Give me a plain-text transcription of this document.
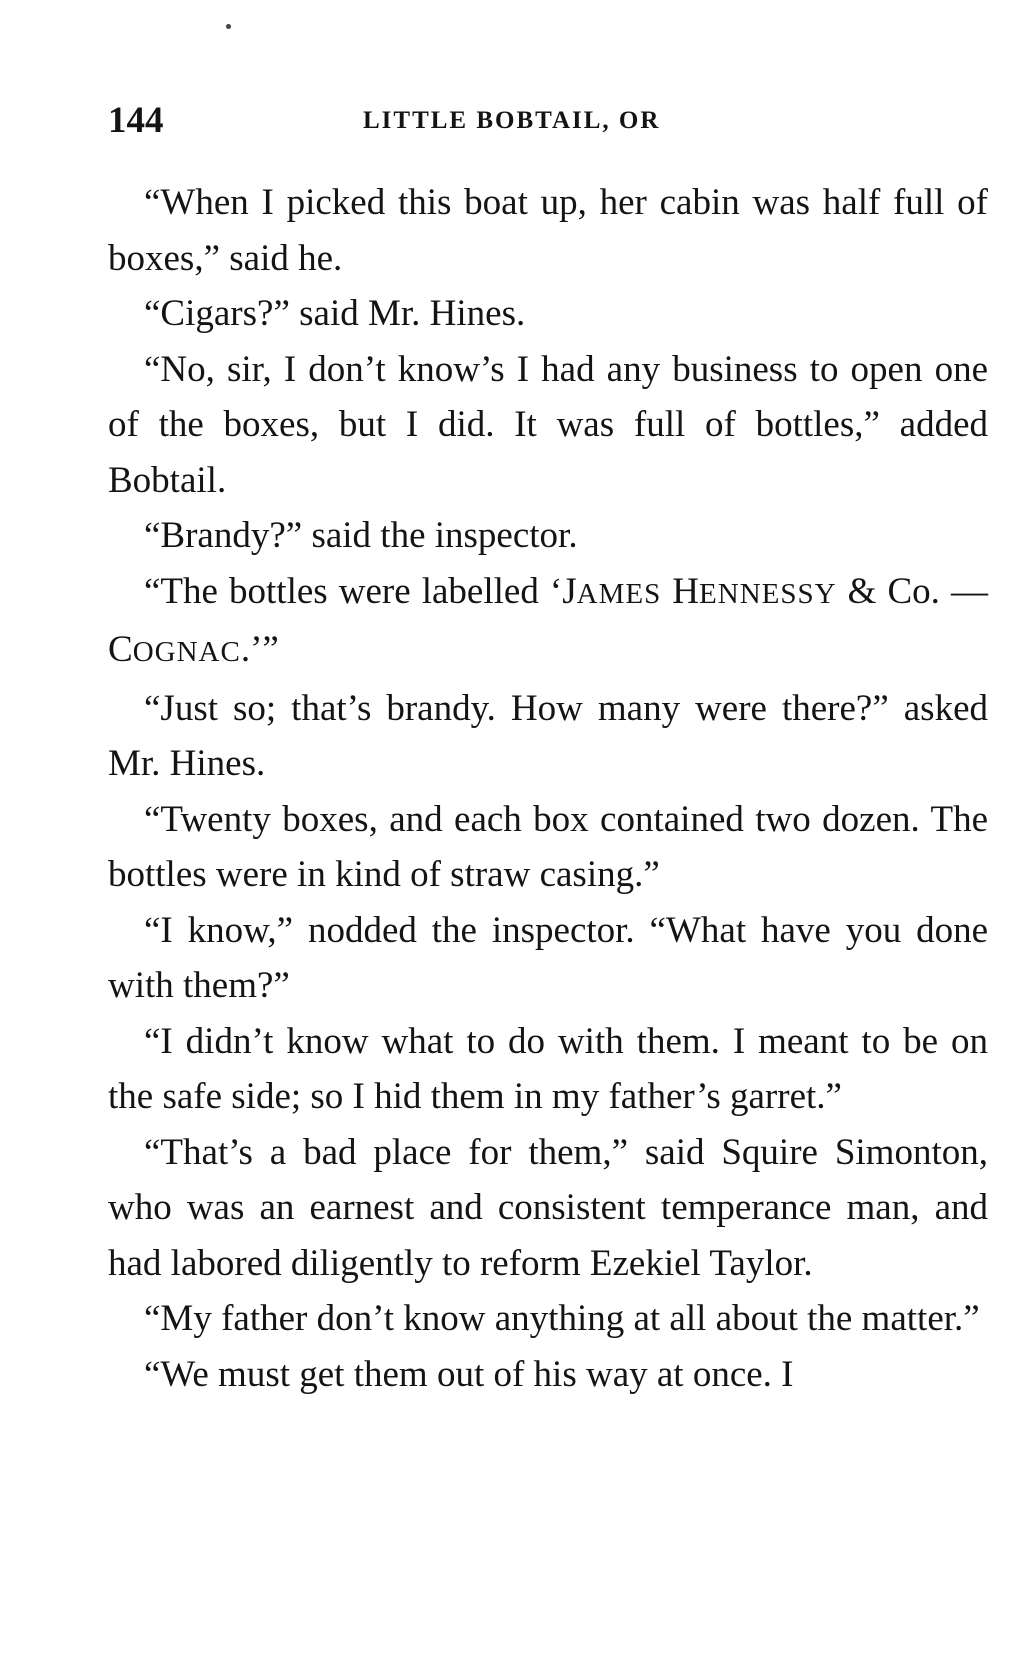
144	LITTLE BOBTAIL, OR

“When I picked this boat up, her cabin was half full of boxes,” said he.

“Cigars?” said Mr. Hines.

“No, sir, I don’t know’s I had any business to open one of the boxes, but I did. It was full of bottles,” added Bobtail.

“Brandy?” said the inspector.

“The bottles were labelled ‘JAMES HENNESSY & Co. — COGNAC.’”

“Just so; that’s brandy. How many were there?” asked Mr. Hines.

“Twenty boxes, and each box contained two dozen. The bottles were in kind of straw casing.”

“I know,” nodded the inspector. “What have you done with them?”

“I didn’t know what to do with them. I meant to be on the safe side; so I hid them in my father’s garret.”

“That’s a bad place for them,” said Squire Simonton, who was an earnest and consistent temperance man, and had labored diligently to reform Ezekiel Taylor.

“My father don’t know anything at all about the matter.”

“We must get them out of his way at once. I
